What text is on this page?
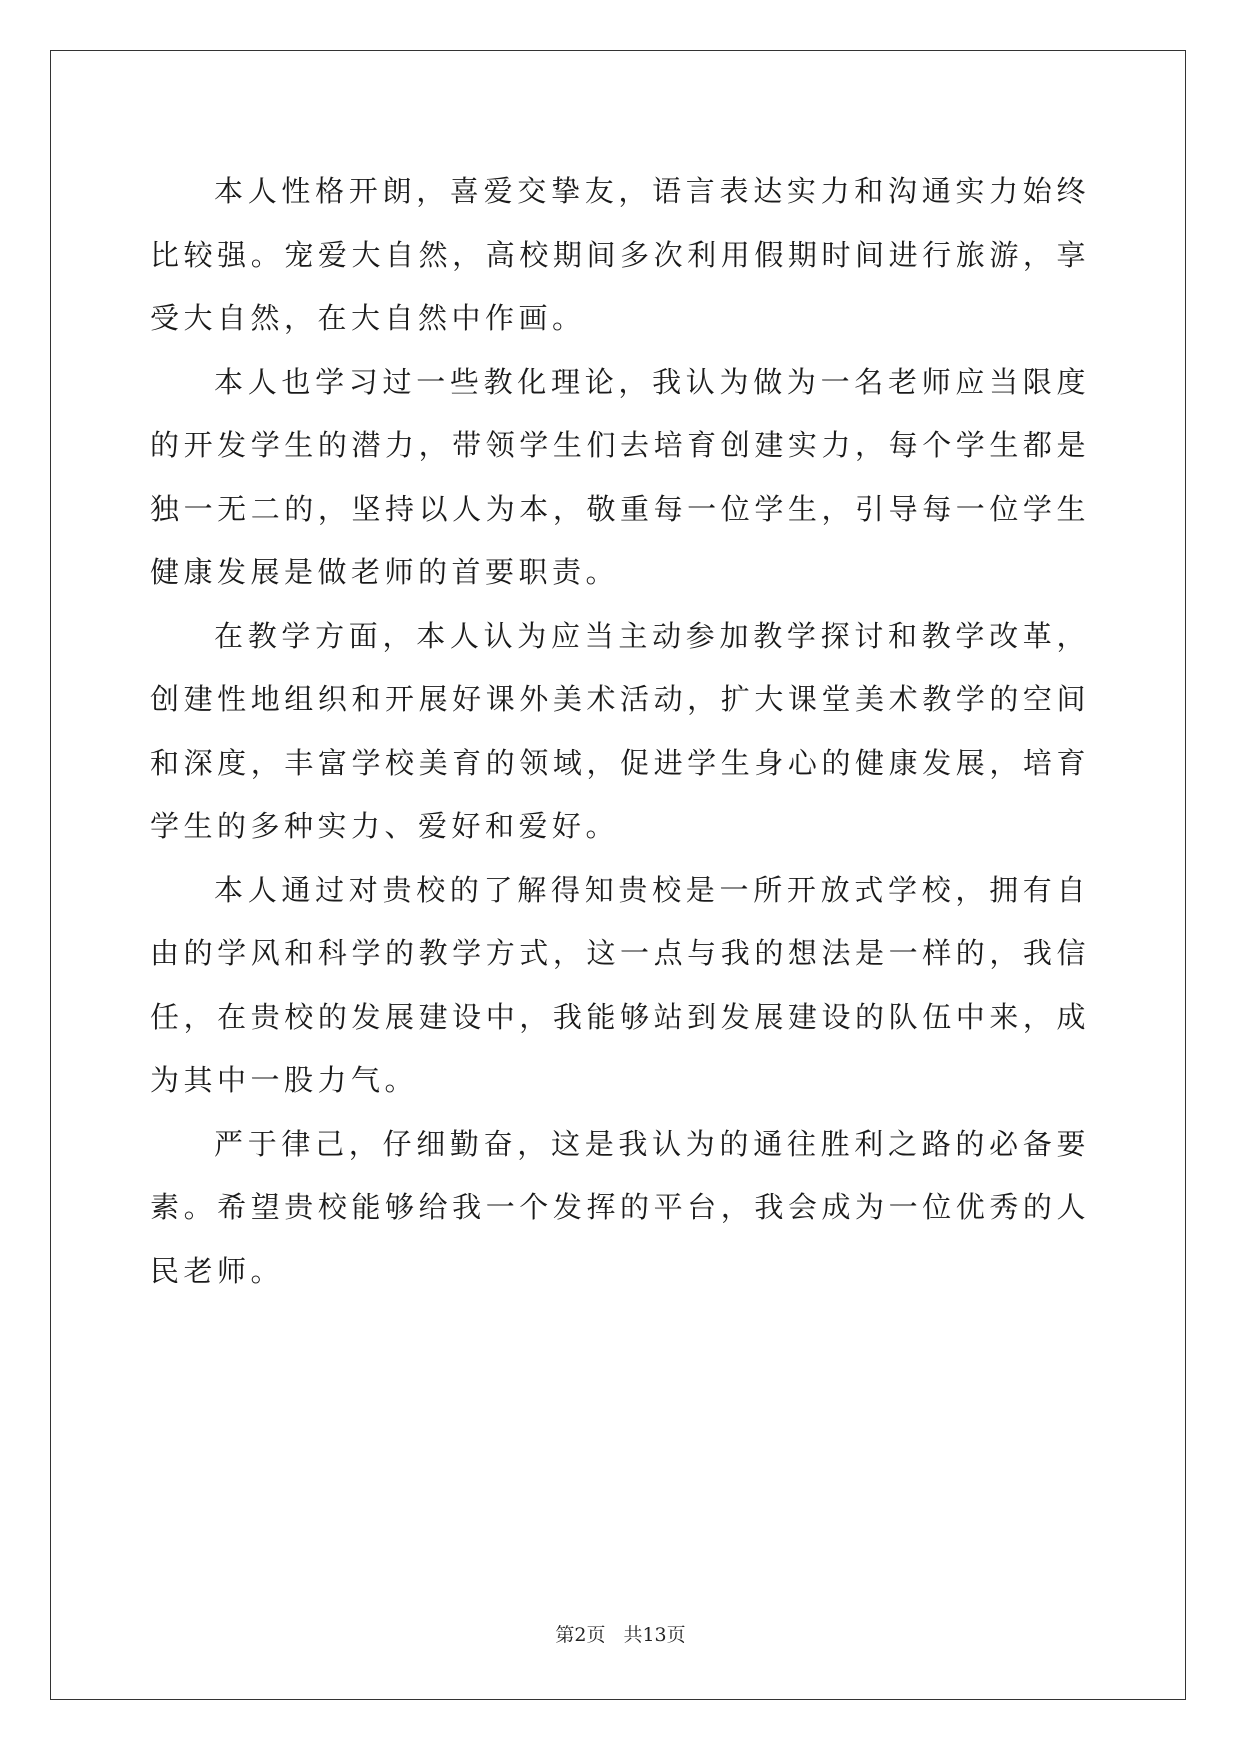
本人性格开朗，喜爱交挚友，语言表达实力和沟通实力始终比较强。宠爱大自然，高校期间多次利用假期时间进行旅游，享受大自然，在大自然中作画。

本人也学习过一些教化理论，我认为做为一名老师应当限度的开发学生的潜力，带领学生们去培育创建实力，每个学生都是独一无二的，坚持以人为本，敬重每一位学生，引导每一位学生健康发展是做老师的首要职责。

在教学方面，本人认为应当主动参加教学探讨和教学改革，创建性地组织和开展好课外美术活动，扩大课堂美术教学的空间和深度，丰富学校美育的领域，促进学生身心的健康发展，培育学生的多种实力、爱好和爱好。

本人通过对贵校的了解得知贵校是一所开放式学校，拥有自由的学风和科学的教学方式，这一点与我的想法是一样的，我信任，在贵校的发展建设中，我能够站到发展建设的队伍中来，成为其中一股力气。

严于律己，仔细勤奋，这是我认为的通往胜利之路的必备要素。希望贵校能够给我一个发挥的平台，我会成为一位优秀的人民老师。

第2页 共13页
